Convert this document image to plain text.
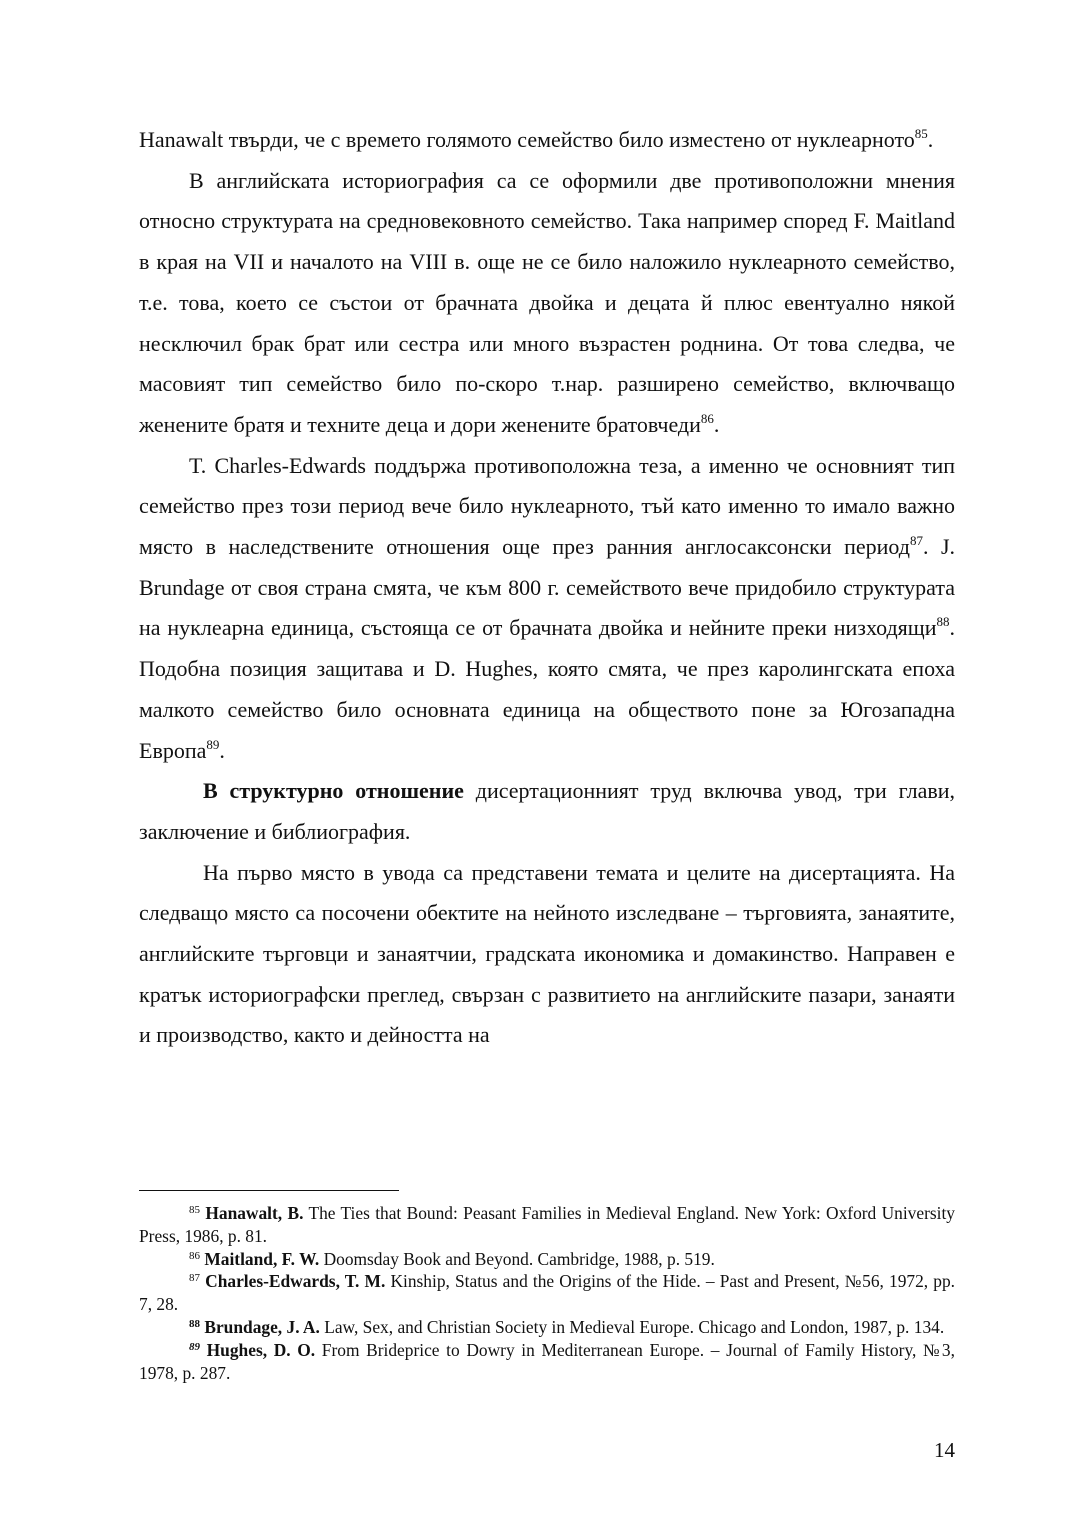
Hanawalt твърди, че с времето голямото семейство било изместено от нуклеарното$^{85}$.

В английската историография са се оформили две противоположни мнения относно структурата на средновековното семейство. Така например според F. Maitland в края на VII и началото на VIII в. още не се било наложило нуклеарното семейство, т.е. това, което се състои от брачната двойка и децата й плюс евентуално някой несключил брак брат или сестра или много възрастен роднина. От това следва, че масовият тип семейство било по-скоро т.нар. разширено семейство, включващо женените братя и техните деца и дори женените братовчеди$^{86}$.

T. Charles-Edwards поддържа противоположна теза, а именно че основният тип семейство през този период вече било нуклеарното, тъй като именно то имало важно място в наследствените отношения още през ранния англосаксонски период$^{87}$. J. Brundage от своя страна смята, че към 800 г. семейството вече придобило структурата на нуклеарна единица, състояща се от брачната двойка и нейните преки низходящи$^{88}$. Подобна позиция защитава и D. Hughes, която смята, че през каролингската епоха малкото семейство било основната единица на обществото поне за Югозападна Европа$^{89}$.

В структурно отношение дисертационният труд включва увод, три глави, заключение и библиография.

На първо място в увода са представени темата и целите на дисертацията. На следващо място са посочени обектите на нейното изследване – търговията, занаятите, английските търговци и занаятчии, градската икономика и домакинство. Направен е кратък историографски преглед, свързан с развитието на английските пазари, занаяти и производство, както и дейността на

$^{85}$ Hanawalt, B. The Ties that Bound: Peasant Families in Medieval England. New York: Oxford University Press, 1986, p. 81.

$^{86}$ Maitland, F. W. Doomsday Book and Beyond. Cambridge, 1988, p. 519.

$^{87}$ Charles-Edwards, T. M. Kinship, Status and the Origins of the Hide. – Past and Present, №56, 1972, pp. 7, 28.

$^{88}$ Brundage, J. A. Law, Sex, and Christian Society in Medieval Europe. Chicago and London, 1987, p. 134.

$^{89}$ Hughes, D. O. From Brideprice to Dowry in Mediterranean Europe. – Journal of Family History, №3, 1978, p. 287.

14
